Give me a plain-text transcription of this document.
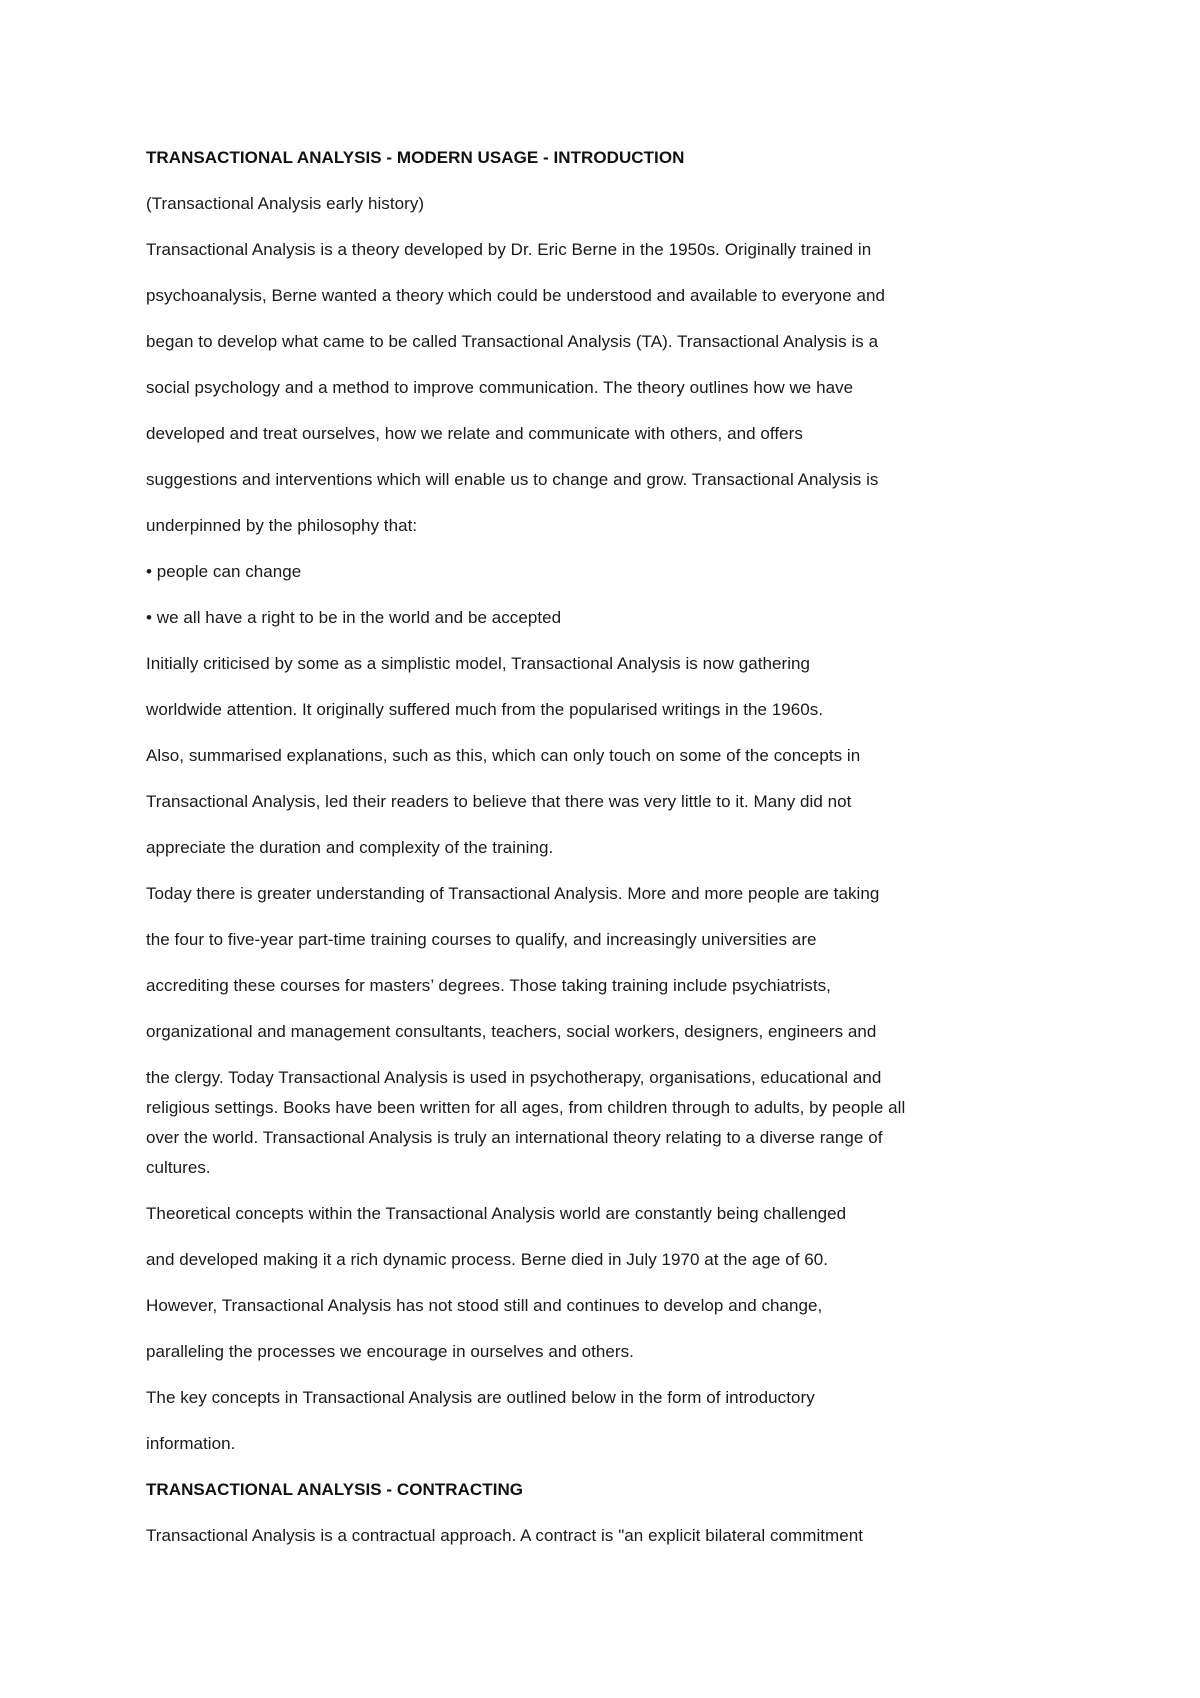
TRANSACTIONAL ANALYSIS - MODERN USAGE - INTRODUCTION
(Transactional Analysis early history)
Transactional Analysis is a theory developed by Dr. Eric Berne in the 1950s. Originally trained in
psychoanalysis, Berne wanted a theory which could be understood and available to everyone and
began to develop what came to be called Transactional Analysis (TA). Transactional Analysis is a
social psychology and a method to improve communication. The theory outlines how we have
developed and treat ourselves, how we relate and communicate with others, and offers
suggestions and interventions which will enable us to change and grow. Transactional Analysis is
underpinned by the philosophy that:
• people can change
• we all have a right to be in the world and be accepted
Initially criticised by some as a simplistic model, Transactional Analysis is now gathering
worldwide attention. It originally suffered much from the popularised writings in the 1960s.
Also, summarised explanations, such as this, which can only touch on some of the concepts in
Transactional Analysis, led their readers to believe that there was very little to it. Many did not
appreciate the duration and complexity of the training.
Today there is greater understanding of Transactional Analysis. More and more people are taking
the four to five-year part-time training courses to qualify, and increasingly universities are
accrediting these courses for masters’ degrees. Those taking training include psychiatrists,
organizational and management consultants, teachers, social workers, designers, engineers and
the clergy. Today Transactional Analysis is used in psychotherapy, organisations, educational and
religious settings. Books have been written for all ages, from children through to adults, by people all
over the world. Transactional Analysis is truly an international theory relating to a diverse range of
cultures.
Theoretical concepts within the Transactional Analysis world are constantly being challenged
and developed making it a rich dynamic process. Berne died in July 1970 at the age of 60.
However, Transactional Analysis has not stood still and continues to develop and change,
paralleling the processes we encourage in ourselves and others.
The key concepts in Transactional Analysis are outlined below in the form of introductory
information.
TRANSACTIONAL ANALYSIS - CONTRACTING
Transactional Analysis is a contractual approach. A contract is "an explicit bilateral commitment
